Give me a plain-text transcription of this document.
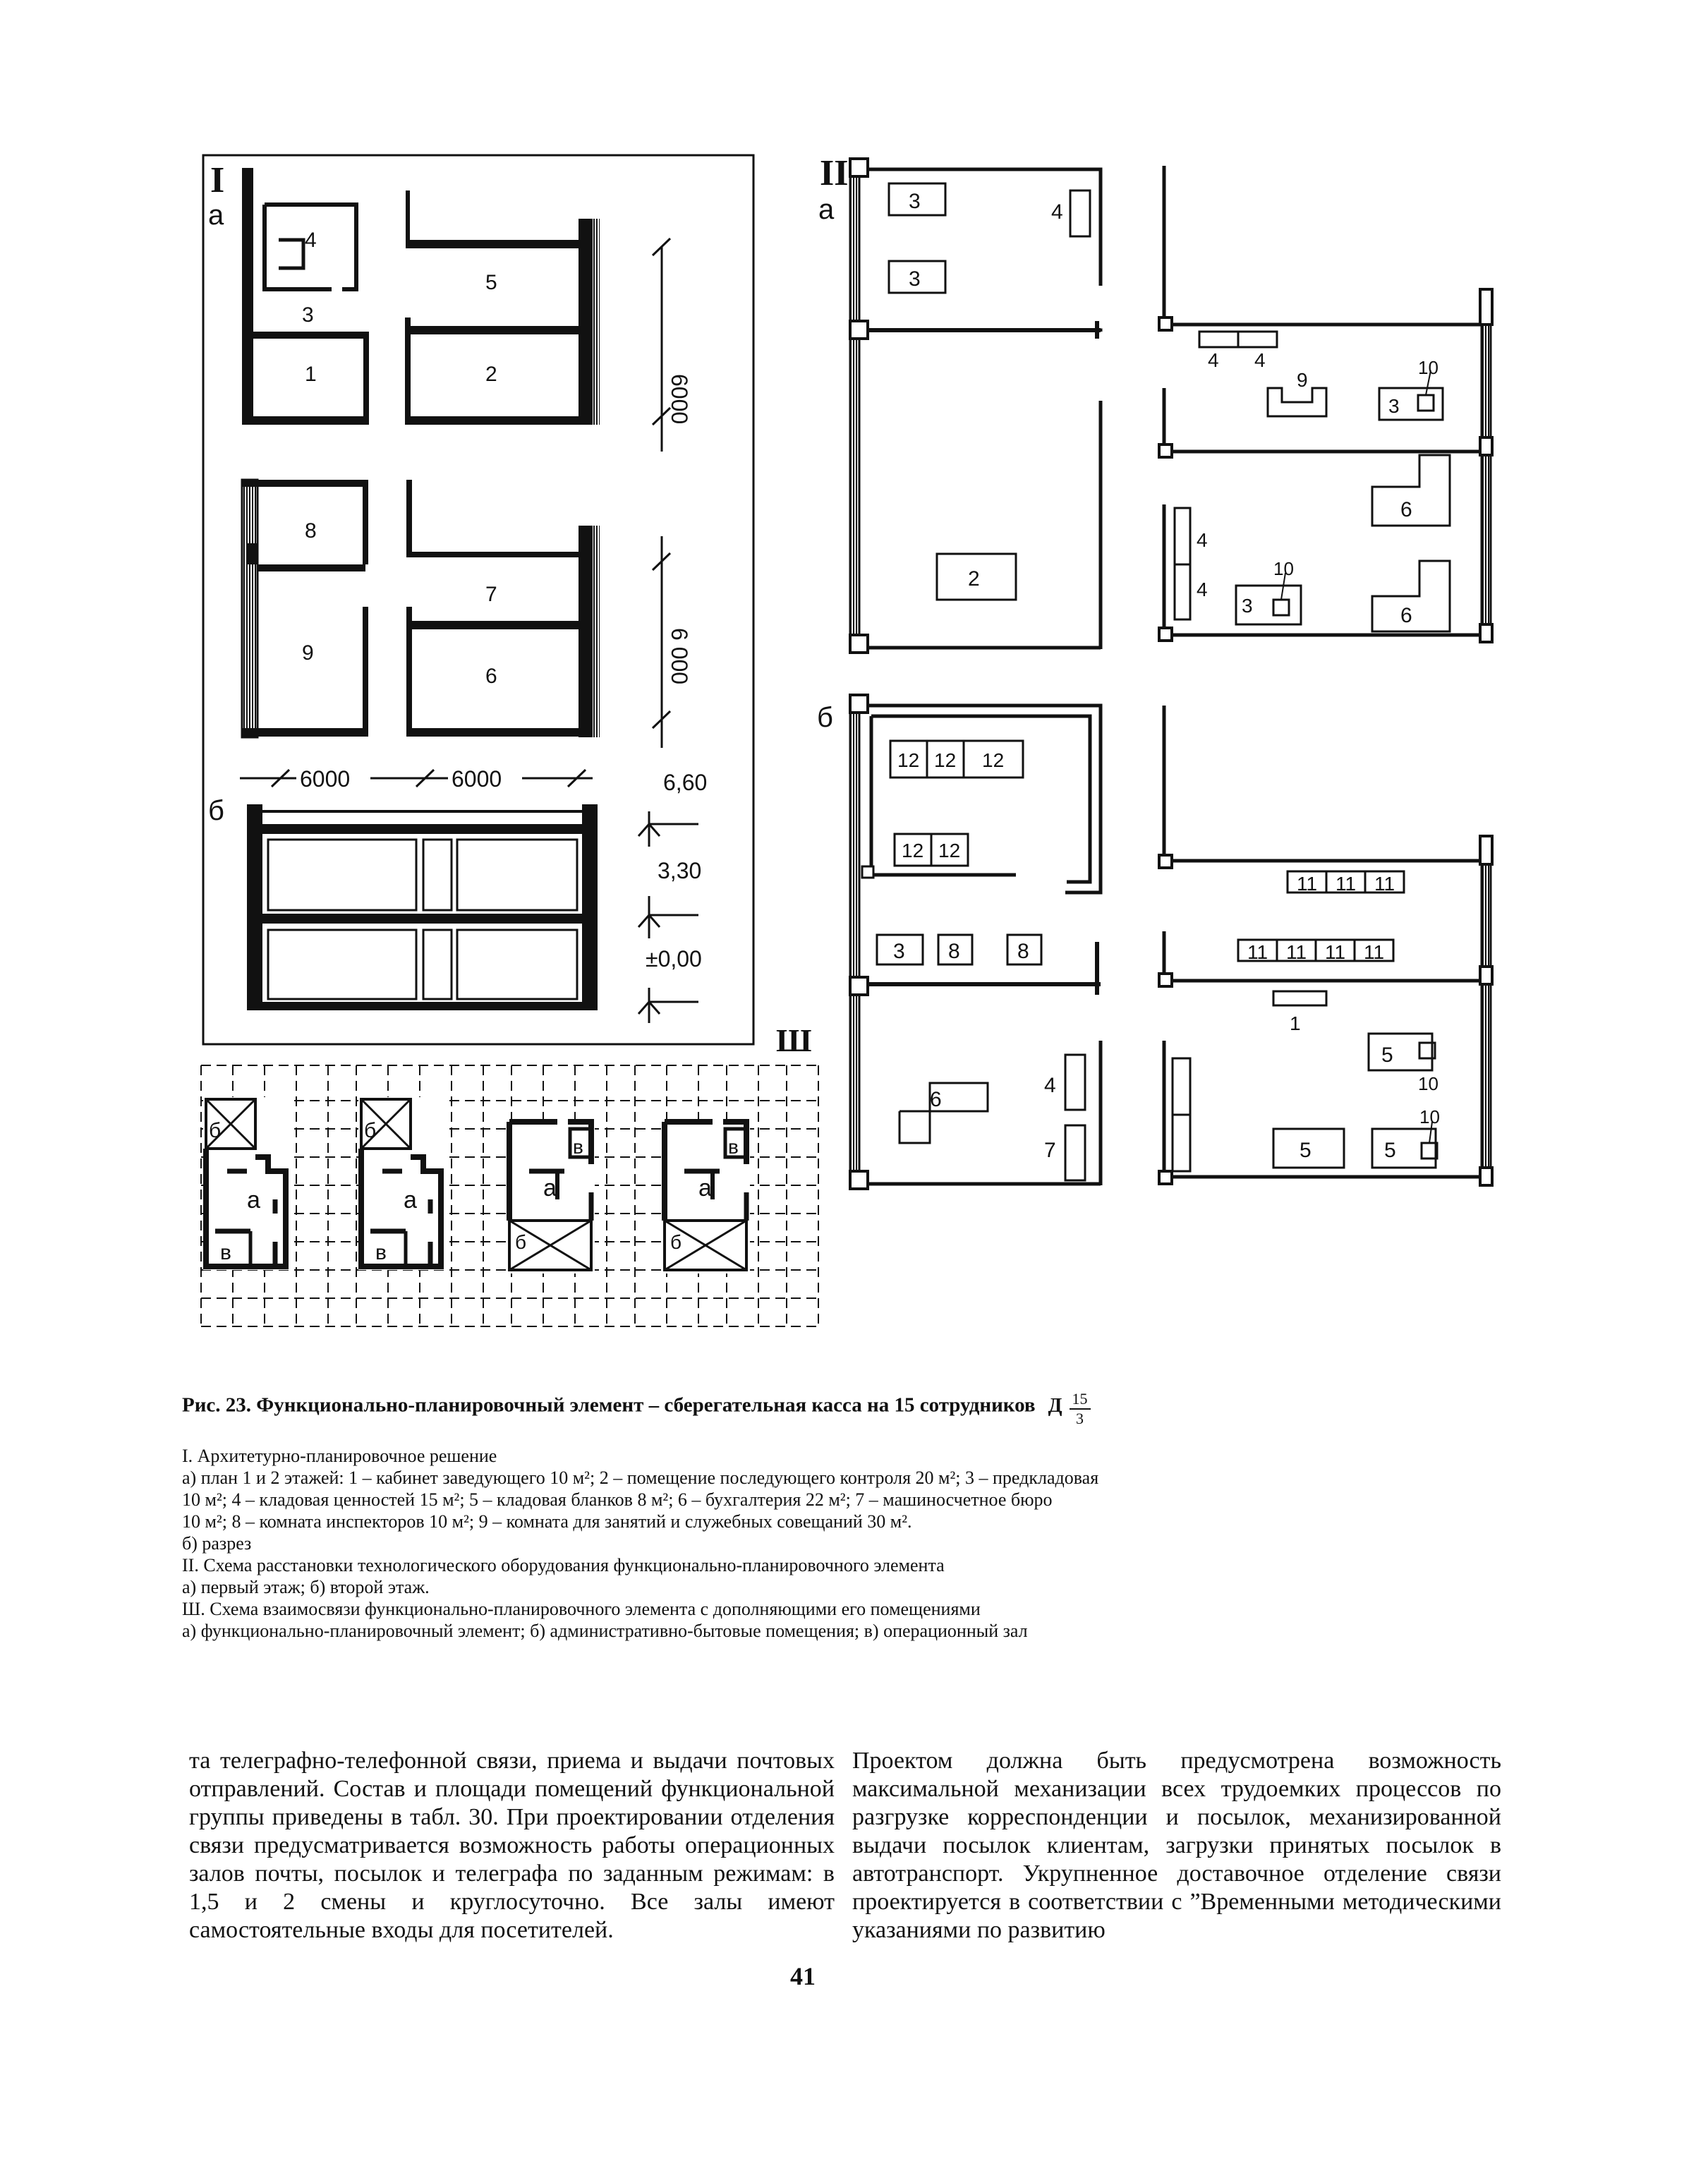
I
а
4
3
1
5
2	6000
8
9
7
6	6 000
6000	6000
б
6,60
3,30
±0,00
II
а	3
3
4
2
4 4
9
10
3
6
4
4
10
3	6
б
12 12 12
12 12
3 8	8
6
4
7
11 11 11
11 11 11 11
1
5
10
10
5	5
Ш
б
а
в
б
а
в
в
а
б
в
а
б
Рис. 23. Функционально-планировочный элемент – сберегательная касса на 15 сотрудников Д $\frac{15}{3}$

I. Архитетурно-планировочное решение

а) план 1 и 2 этажей: 1 – кабинет заведующего 10 м²; 2 – помещение последующего контроля 20 м²; 3 – предкладовая

10 м²; 4 – кладовая ценностей 15 м²; 5 – кладовая бланков 8 м²; 6 – бухгалтерия 22 м²; 7 – машиносчетное бюро

10 м²; 8 – комната инспекторов 10 м²; 9 – комната для занятий и служебных совещаний 30 м².

б) разрез

II. Схема расстановки технологического оборудования функционально-планировочного элемента

а) первый этаж; б) второй этаж.

Ш. Схема взаимосвязи функционально-планировочного элемента с дополняющими его помещениями

а) функционально-планировочный элемент; б) административно-бытовые помещения; в) операционный зал

та телеграфно-телефонной связи, приема и выдачи почтовых отправлений. Состав и площади помещений функциональной группы приведены в табл. 30. При проектировании отделения связи предусматривается возможность работы операционных залов почты, посылок и телеграфа по заданным режимам: в 1,5 и 2 смены и круглосуточно. Все залы имеют самостоятельные входы для посетителей.
Проектом должна быть предусмотрена возможность максимальной механизации всех трудоемких процессов по разгрузке корреспонденции и посылок, механизированной выдачи посылок клиентам, загрузки принятых посылок в автотранспорт. Укрупненное доставочное отделение связи проектируется в соответствии с ”Временными методическими указаниями по развитию
41
